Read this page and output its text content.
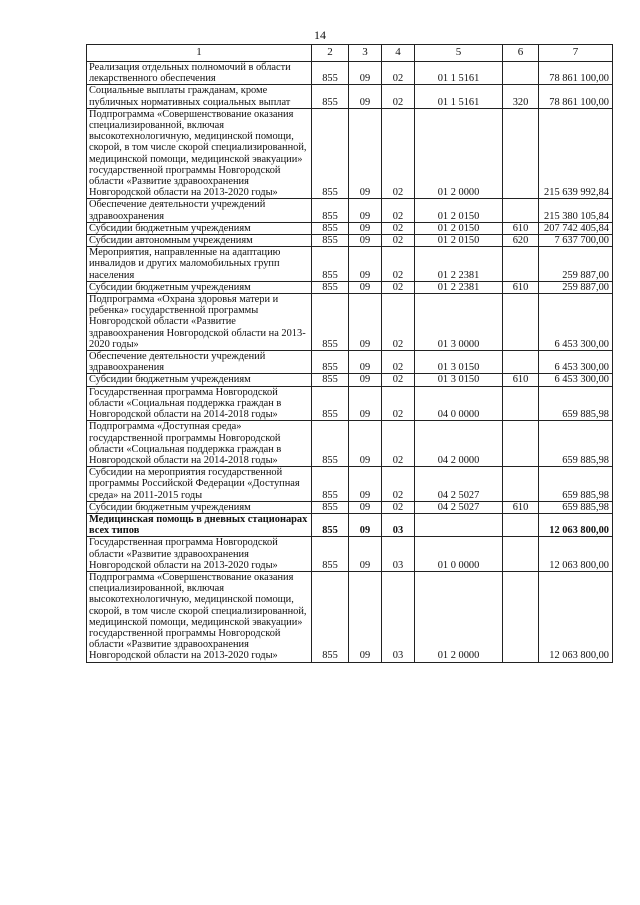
14
1	2	3	4	5	6	7
Реализация отдельных полномочий в области лекарственного обеспечения	855	09	02	01 1 5161		78 861 100,00
Социальные выплаты гражданам, кроме публичных нормативных социальных выплат	855	09	02	01 1 5161	320	78 861 100,00
Подпрограмма «Совершенствование оказания специализированной, включая высокотехнологичную, медицинской помощи, скорой, в том числе скорой специализированной, медицинской помощи, медицинской эвакуации» государственной программы Новгородской области «Развитие здравоохранения Новгородской области на 2013-2020 годы»	855	09	02	01 2 0000		215 639 992,84
Обеспечение деятельности учреждений здравоохранения	855	09	02	01 2 0150		215 380 105,84
Субсидии бюджетным учреждениям	855	09	02	01 2 0150	610	207 742 405,84
Субсидии автономным учреждениям	855	09	02	01 2 0150	620	7 637 700,00
Мероприятия, направленные на адаптацию инвалидов и других маломобильных групп населения	855	09	02	01 2 2381		259 887,00
Субсидии бюджетным учреждениям	855	09	02	01 2 2381	610	259 887,00
Подпрограмма «Охрана здоровья матери и ребенка» государственной программы Новгородской области «Развитие здравоохранения Новгородской области на 2013-2020 годы»	855	09	02	01 3 0000		6 453 300,00
Обеспечение деятельности учреждений здравоохранения	855	09	02	01 3 0150		6 453 300,00
Субсидии бюджетным учреждениям	855	09	02	01 3 0150	610	6 453 300,00
Государственная программа Новгородской области «Социальная поддержка граждан в Новгородской области на 2014-2018 годы»	855	09	02	04 0 0000		659 885,98
Подпрограмма «Доступная среда» государственной программы Новгородской области «Социальная поддержка граждан в Новгородской области на 2014-2018 годы»	855	09	02	04 2 0000		659 885,98
Субсидии на мероприятия государственной программы Российской Федерации «Доступная среда» на 2011-2015 годы	855	09	02	04 2 5027		659 885,98
Субсидии бюджетным учреждениям	855	09	02	04 2 5027	610	659 885,98
Медицинская помощь в дневных стационарах всех типов	855	09	03			12 063 800,00
Государственная программа Новгородской области «Развитие здравоохранения Новгородской области на 2013-2020 годы»	855	09	03	01 0 0000		12 063 800,00
Подпрограмма «Совершенствование оказания специализированной, включая высокотехнологичную, медицинской помощи, скорой, в том числе скорой специализированной, медицинской помощи, медицинской эвакуации» государственной программы Новгородской области «Развитие здравоохранения Новгородской области на 2013-2020 годы»	855	09	03	01 2 0000		12 063 800,00
